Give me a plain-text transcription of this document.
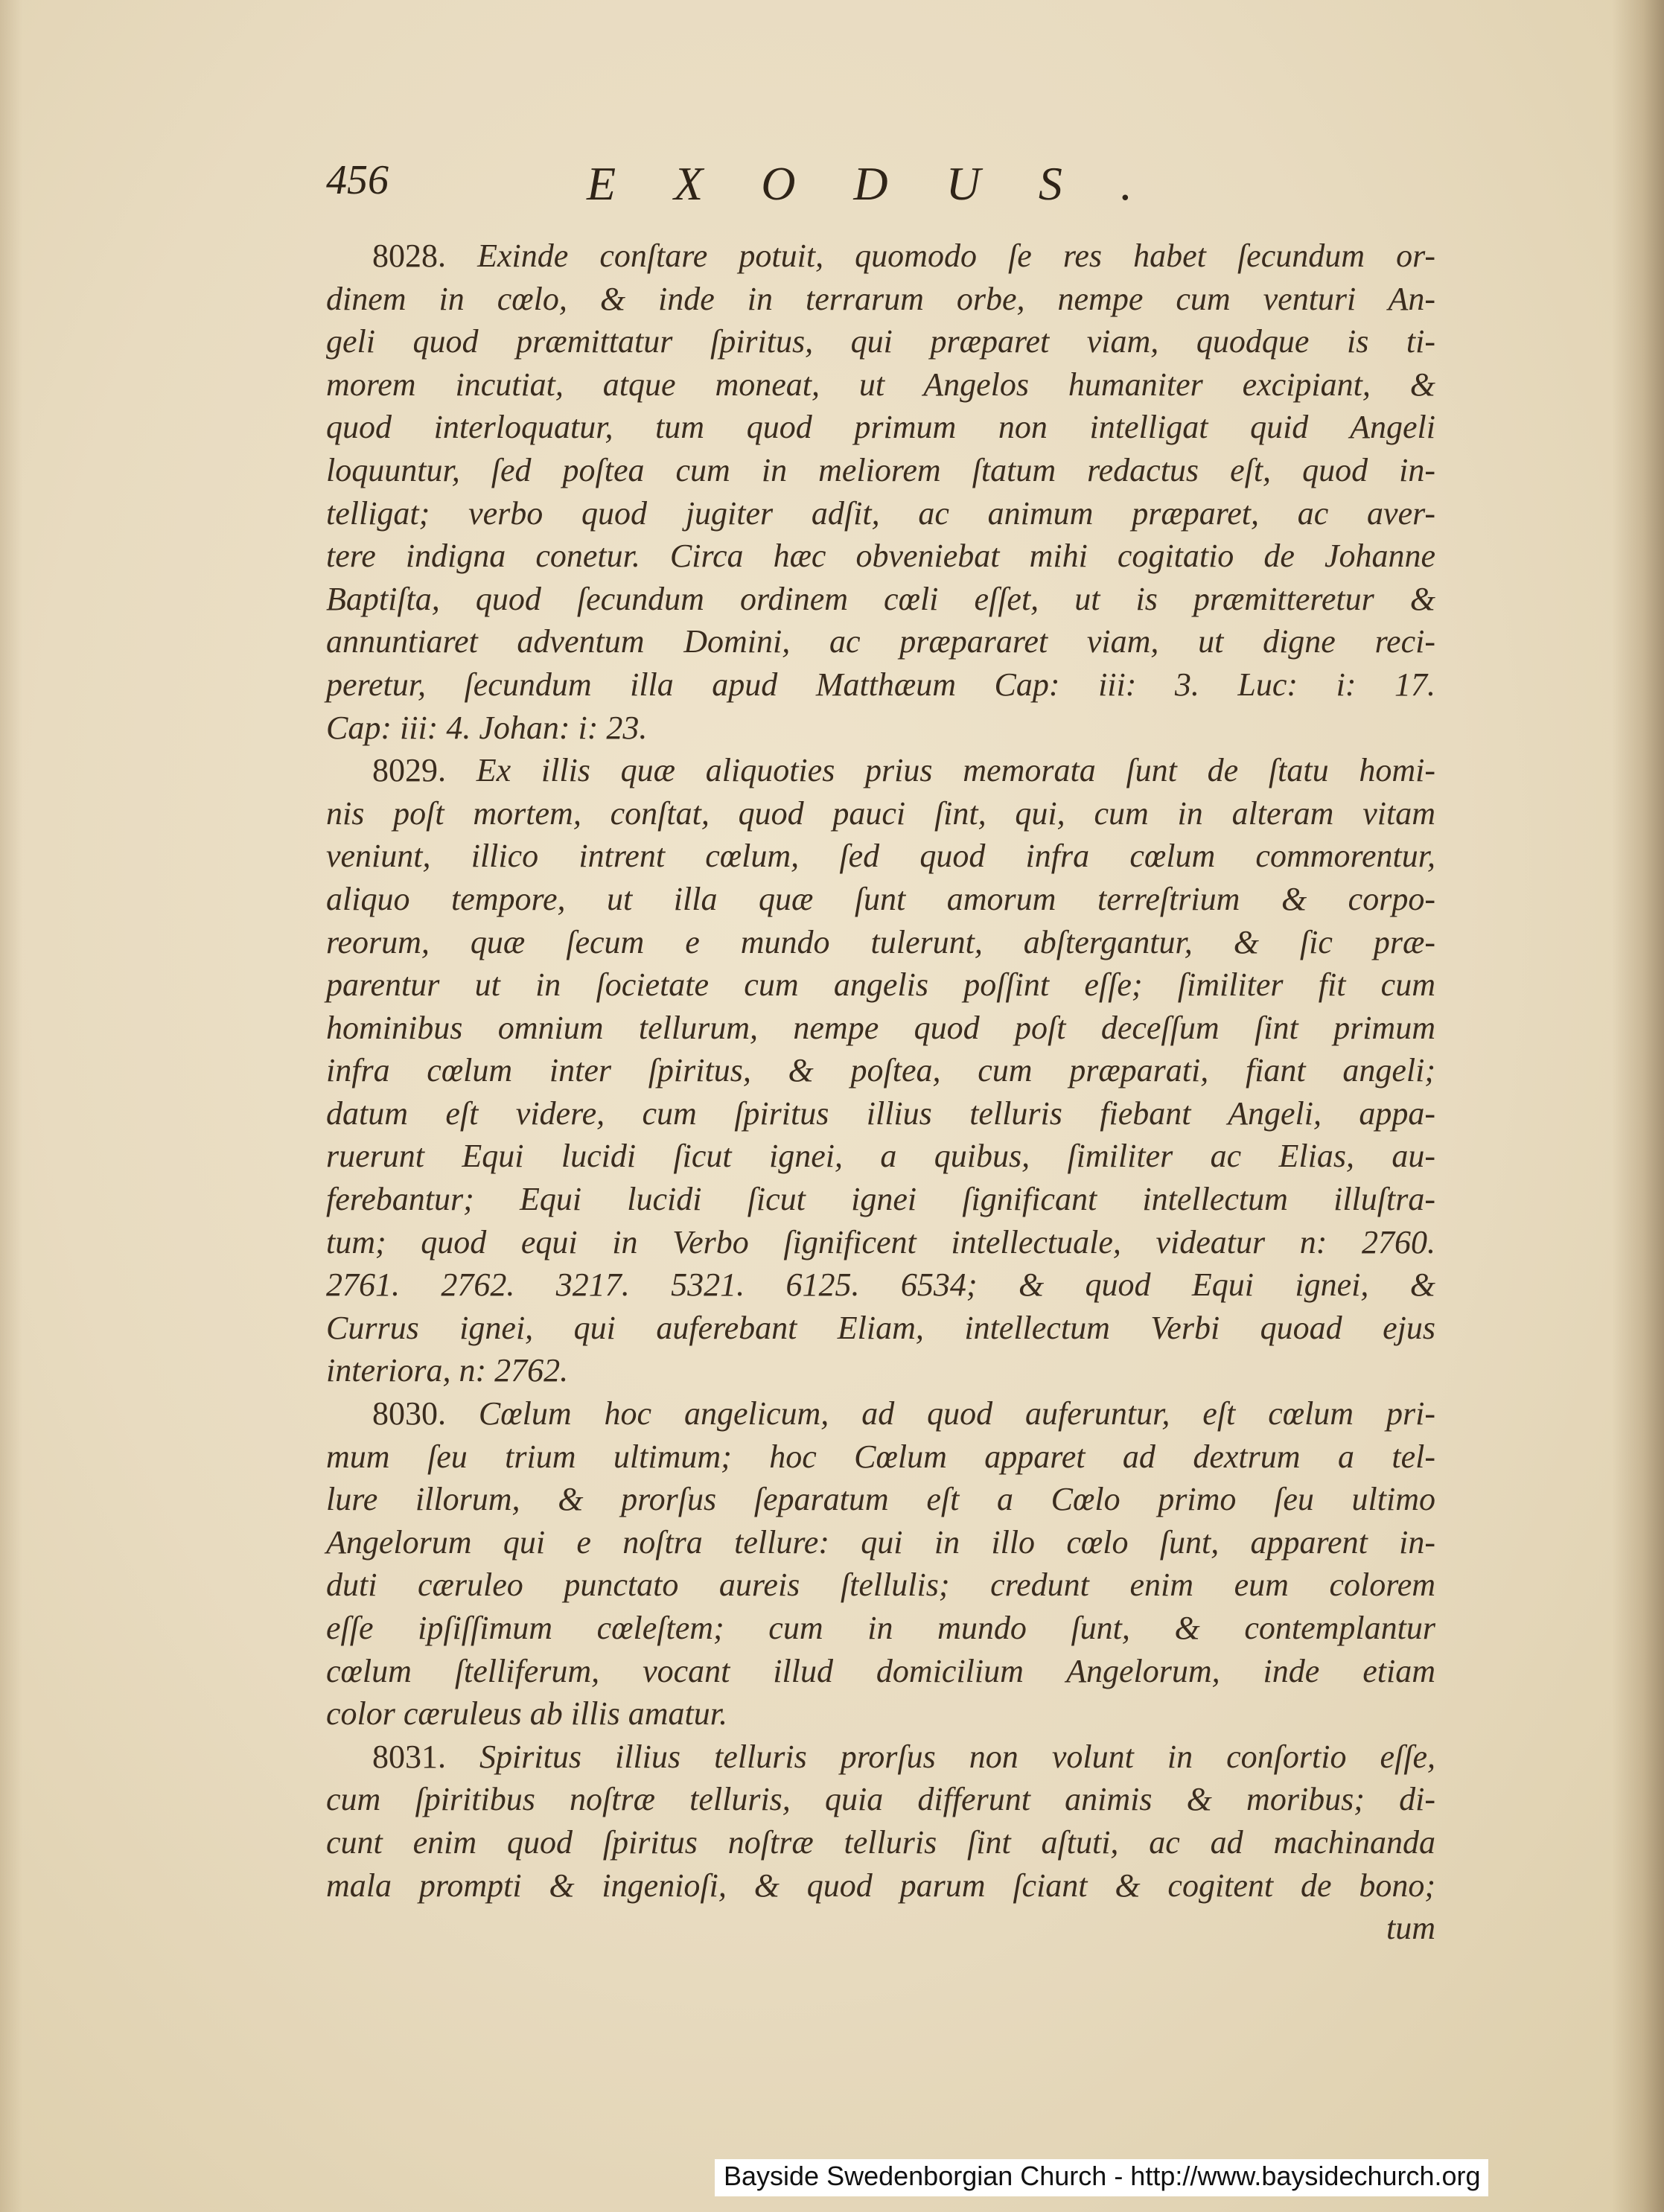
456	EXODUS.
8028. Exinde conſtare potuit, quomodo ſe res habet ſecundum or-
dinem in cœlo, & inde in terrarum orbe, nempe cum venturi An-
geli quod præmittatur ſpiritus, qui præparet viam, quodque is ti-
morem incutiat, atque moneat, ut Angelos humaniter excipiant, &
quod interloquatur, tum quod primum non intelligat quid Angeli
loquuntur, ſed poſtea cum in meliorem ſtatum redactus eſt, quod in-
telligat; verbo quod jugiter adſit, ac animum præparet, ac aver-
tere indigna conetur. Circa hæc obveniebat mihi cogitatio de Johanne
Baptiſta, quod ſecundum ordinem cœli eſſet, ut is præmitteretur &
annuntiaret adventum Domini, ac præpararet viam, ut digne reci-
peretur, ſecundum illa apud Matthæum Cap: iii: 3. Luc: i: 17.
Cap: iii: 4. Johan: i: 23.
8029. Ex illis quæ aliquoties prius memorata ſunt de ſtatu homi-
nis poſt mortem, conſtat, quod pauci ſint, qui, cum in alteram vitam
veniunt, illico intrent cœlum, ſed quod infra cœlum commorentur,
aliquo tempore, ut illa quæ ſunt amorum terreſtrium & corpo-
reorum, quæ ſecum e mundo tulerunt, abſtergantur, & ſic præ-
parentur ut in ſocietate cum angelis poſſint eſſe; ſimiliter fit cum
hominibus omnium tellurum, nempe quod poſt deceſſum ſint primum
infra cœlum inter ſpiritus, & poſtea, cum præparati, fiant angeli;
datum eſt videre, cum ſpiritus illius telluris fiebant Angeli, appa-
ruerunt Equi lucidi ſicut ignei, a quibus, ſimiliter ac Elias, au-
ferebantur; Equi lucidi ſicut ignei ſignificant intellectum illuſtra-
tum; quod equi in Verbo ſignificent intellectuale, videatur n: 2760.
2761. 2762. 3217. 5321. 6125. 6534; & quod Equi ignei, &
Currus ignei, qui auferebant Eliam, intellectum Verbi quoad ejus
interiora, n: 2762.
8030. Cœlum hoc angelicum, ad quod auferuntur, eſt cœlum pri-
mum ſeu trium ultimum; hoc Cœlum apparet ad dextrum a tel-
lure illorum, & prorſus ſeparatum eſt a Cœlo primo ſeu ultimo
Angelorum qui e noſtra tellure: qui in illo cœlo ſunt, apparent in-
duti cæruleo punctato aureis ſtellulis; credunt enim eum colorem
eſſe ipſiſſimum cœleſtem; cum in mundo ſunt, & contemplantur
cœlum ſtelliferum, vocant illud domicilium Angelorum, inde etiam
color cæruleus ab illis amatur.
8031. Spiritus illius telluris prorſus non volunt in conſortio eſſe,
cum ſpiritibus noſtræ telluris, quia differunt animis & moribus; di-
cunt enim quod ſpiritus noſtræ telluris ſint aſtuti, ac ad machinanda
mala prompti & ingenioſi, & quod parum ſciant & cogitent de bono;
tum
Bayside Swedenborgian Church - http://www.baysidechurch.org
